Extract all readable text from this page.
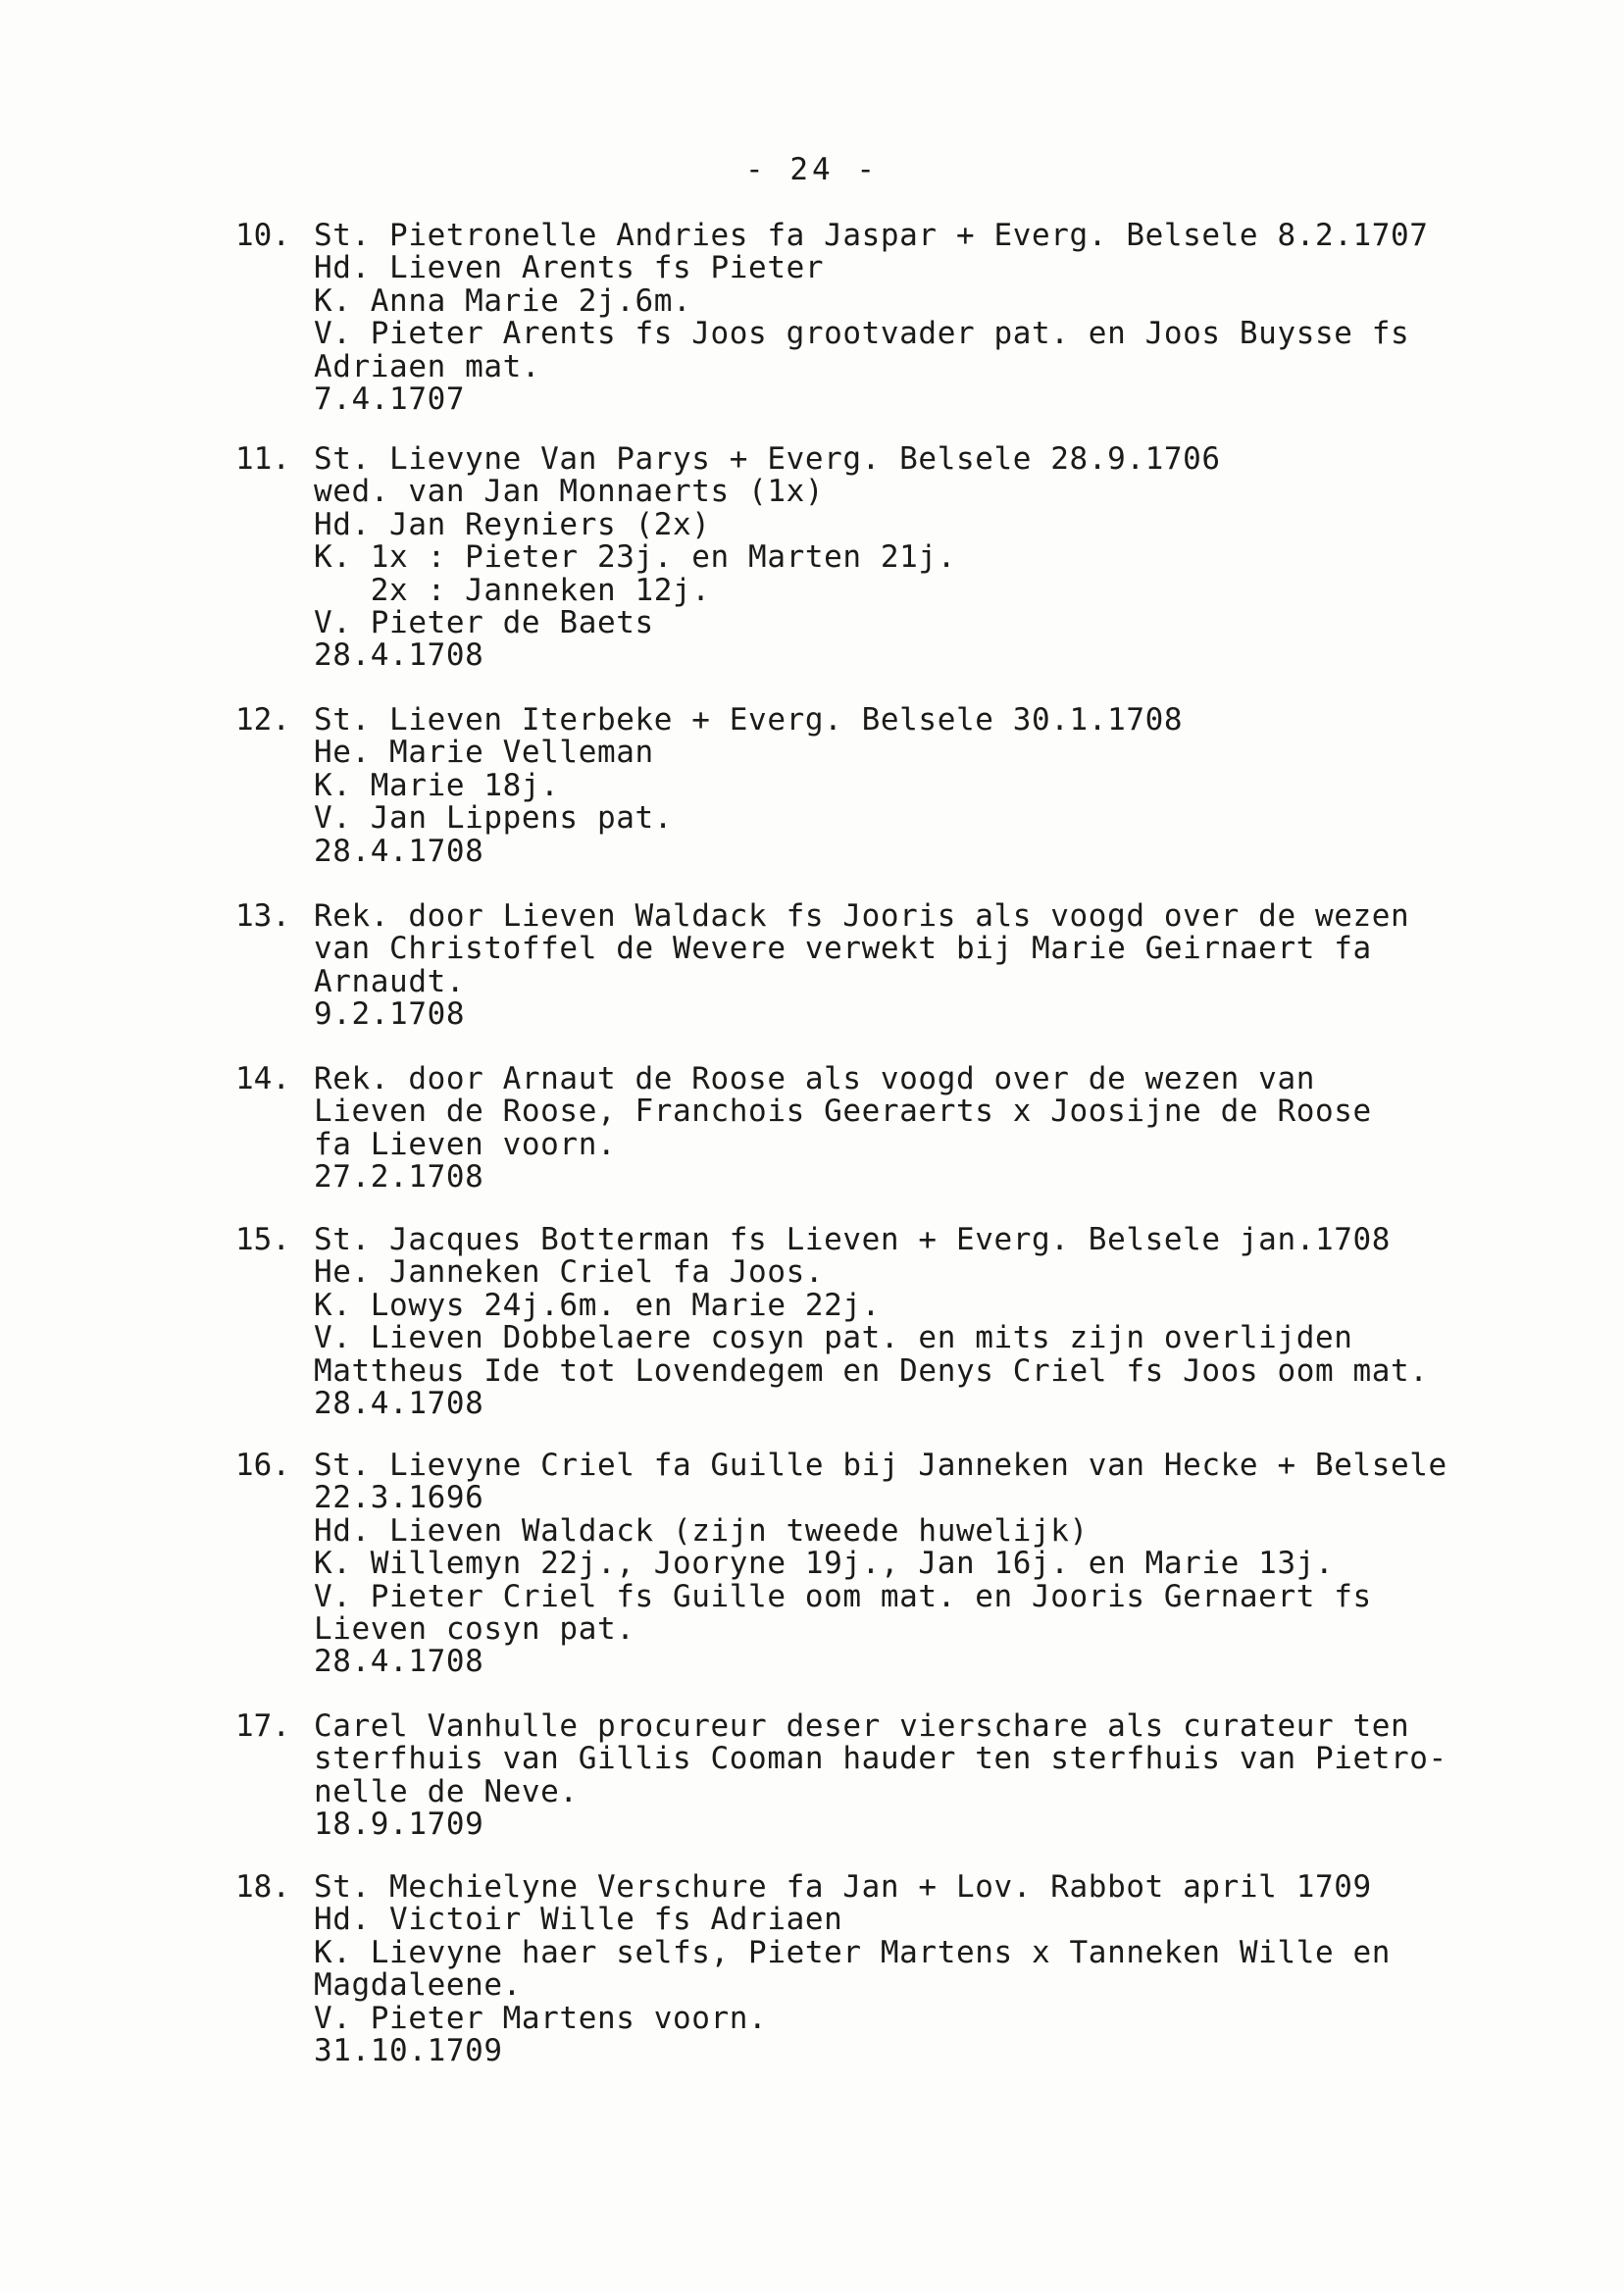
- 24 -
10. St. Pietronelle Andries fa Jaspar + Everg. Belsele 8.2.1707
Hd. Lieven Arents fs Pieter
K. Anna Marie 2j.6m.
V. Pieter Arents fs Joos grootvader pat. en Joos Buysse fs
Adriaen mat.
7.4.1707
11. St. Lievyne Van Parys + Everg. Belsele 28.9.1706
wed. van Jan Monnaerts (1x)
Hd. Jan Reyniers (2x)
K. 1x : Pieter 23j. en Marten 21j.
2x : Janneken 12j.
V. Pieter de Baets
28.4.1708
12. St. Lieven Iterbeke + Everg. Belsele 30.1.1708
He. Marie Velleman
K. Marie 18j.
V. Jan Lippens pat.
28.4.1708
13. Rek. door Lieven Waldack fs Jooris als voogd over de wezen
van Christoffel de Wevere verwekt bij Marie Geirnaert fa
Arnaudt.
9.2.1708
14. Rek. door Arnaut de Roose als voogd over de wezen van
Lieven de Roose, Franchois Geeraerts x Joosijne de Roose
fa Lieven voorn.
27.2.1708
15. St. Jacques Botterman fs Lieven + Everg. Belsele jan.1708
He. Janneken Criel fa Joos.
K. Lowys 24j.6m. en Marie 22j.
V. Lieven Dobbelaere cosyn pat. en mits zijn overlijden
Mattheus Ide tot Lovendegem en Denys Criel fs Joos oom mat.
28.4.1708
16. St. Lievyne Criel fa Guille bij Janneken van Hecke + Belsele
22.3.1696
Hd. Lieven Waldack (zijn tweede huwelijk)
K. Willemyn 22j., Jooryne 19j., Jan 16j. en Marie 13j.
V. Pieter Criel fs Guille oom mat. en Jooris Gernaert fs
Lieven cosyn pat.
28.4.1708
17. Carel Vanhulle procureur deser vierschare als curateur ten
sterfhuis van Gillis Cooman hauder ten sterfhuis van Pietro-
nelle de Neve.
18.9.1709
18. St. Mechielyne Verschure fa Jan + Lov. Rabbot april 1709
Hd. Victoir Wille fs Adriaen
K. Lievyne haer selfs, Pieter Martens x Tanneken Wille en
Magdaleene.
V. Pieter Martens voorn.
31.10.1709
